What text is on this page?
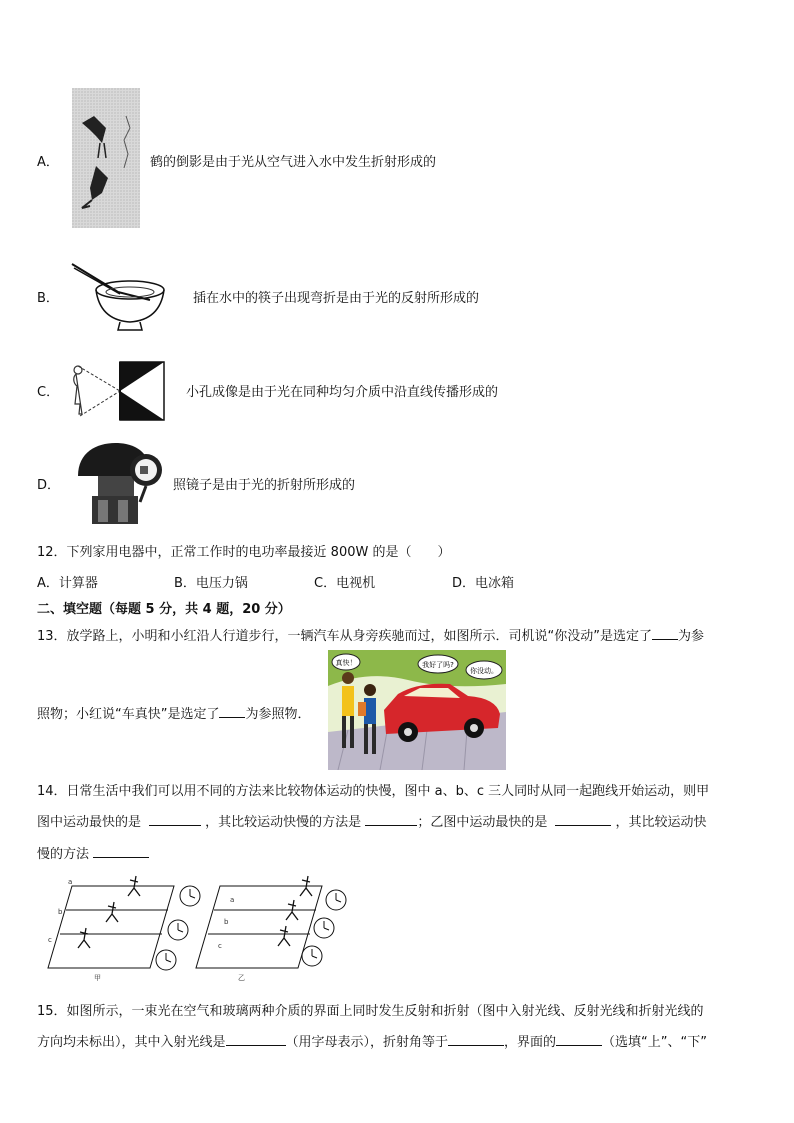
A．	鹤的倒影是由于光从空气进入水中发生折射形成的
B．	插在水中的筷子出现弯折是由于光的反射所形成的
C．	小孔成像是由于光在同种均匀介质中沿直线传播形成的
D．	照镜子是由于光的折射所形成的
12．下列家用电器中，正常工作时的电功率最接近 800W 的是（　　）
A．计算器	B．电压力锅	C．电视机	D．电冰箱
二、填空题（每题 5 分，共 4 题，20 分）
13．放学路上，小明和小红沿人行道步行，一辆汽车从身旁疾驰而过，如图所示．司机说“你没动”是选定了 为参
照物；小红说“车真快”是选定了 为参照物．
真快！	我好了吗?
你没动。
14．日常生活中我们可以用不同的方法来比较物体运动的快慢，图中 a、b、c 三人同时从同一起跑线开始运动，则甲
图中运动最快的是	，其比较运动快慢的方法是	；乙图中运动最快的是	，其比较运动快
慢的方法
a
b
c
a
b
c
甲	乙
15．如图所示，一束光在空气和玻璃两种介质的界面上同时发生反射和折射（图中入射光线、反射光线和折射光线的
方向均未标出），其中入射光线是	（用字母表示），折射角等于	，界面的	（选填“上”、“下”
